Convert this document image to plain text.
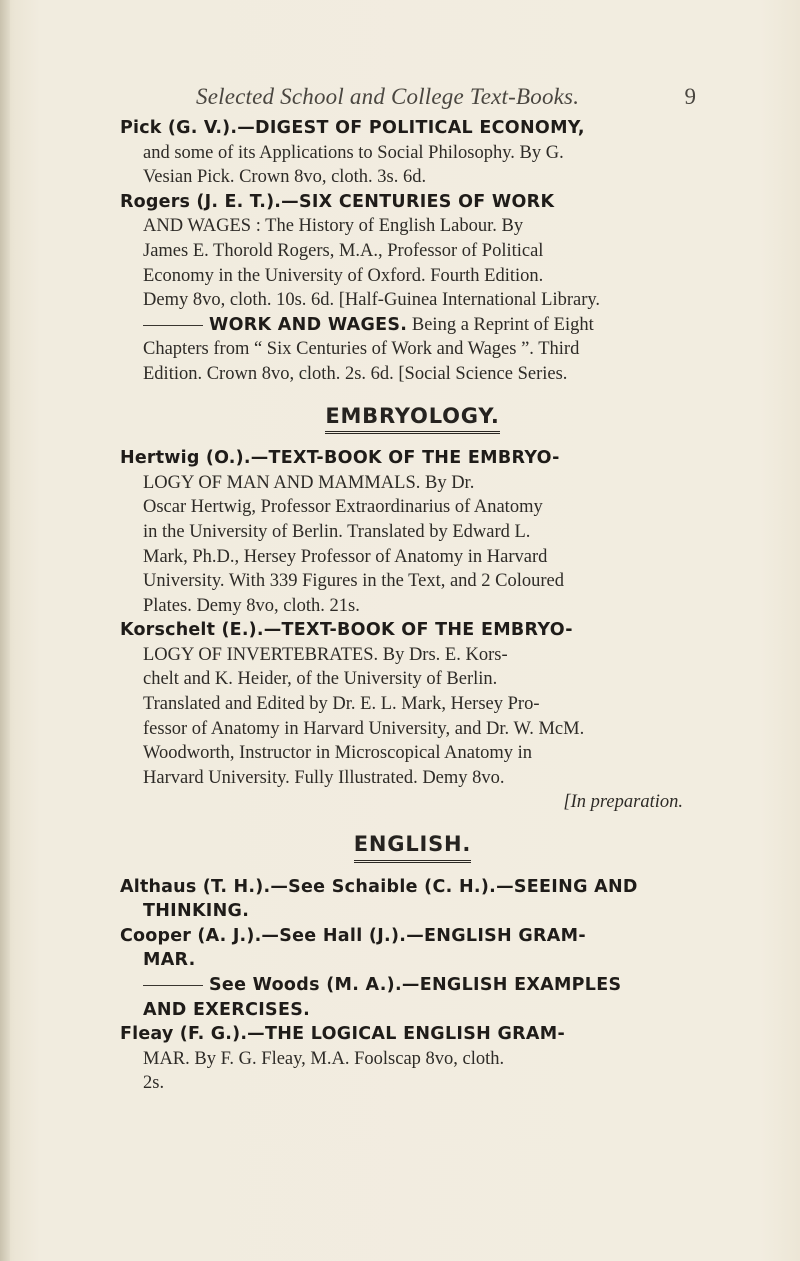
Selected School and College Text-Books.	9
Pick (G. V.).—DIGEST OF POLITICAL ECONOMY,
and some of its Applications to Social Philosophy. By G.
Vesian Pick. Crown 8vo, cloth. 3s. 6d.
Rogers (J. E. T.).—SIX CENTURIES OF WORK
AND WAGES : The History of English Labour. By
James E. Thorold Rogers, M.A., Professor of Political
Economy in the University of Oxford. Fourth Edition.
Demy 8vo, cloth. 10s. 6d. [Half-Guinea International Library.
WORK AND WAGES. Being a Reprint of Eight
Chapters from “ Six Centuries of Work and Wages ”. Third
Edition. Crown 8vo, cloth. 2s. 6d. [Social Science Series.
EMBRYOLOGY.
Hertwig (O.).—TEXT-BOOK OF THE EMBRYO-
LOGY OF MAN AND MAMMALS. By Dr.
Oscar Hertwig, Professor Extraordinarius of Anatomy
in the University of Berlin. Translated by Edward L.
Mark, Ph.D., Hersey Professor of Anatomy in Harvard
University. With 339 Figures in the Text, and 2 Coloured
Plates. Demy 8vo, cloth. 21s.
Korschelt (E.).—TEXT-BOOK OF THE EMBRYO-
LOGY OF INVERTEBRATES. By Drs. E. Kors-
chelt and K. Heider, of the University of Berlin.
Translated and Edited by Dr. E. L. Mark, Hersey Pro-
fessor of Anatomy in Harvard University, and Dr. W. McM.
Woodworth, Instructor in Microscopical Anatomy in
Harvard University. Fully Illustrated. Demy 8vo.
[In preparation.
ENGLISH.
Althaus (T. H.).—See Schaible (C. H.).—SEEING AND
THINKING.
Cooper (A. J.).—See Hall (J.).—ENGLISH GRAM-
MAR.
See Woods (M. A.).—ENGLISH EXAMPLES
AND EXERCISES.
Fleay (F. G.).—THE LOGICAL ENGLISH GRAM-
MAR. By F. G. Fleay, M.A. Foolscap 8vo, cloth.
2s.
